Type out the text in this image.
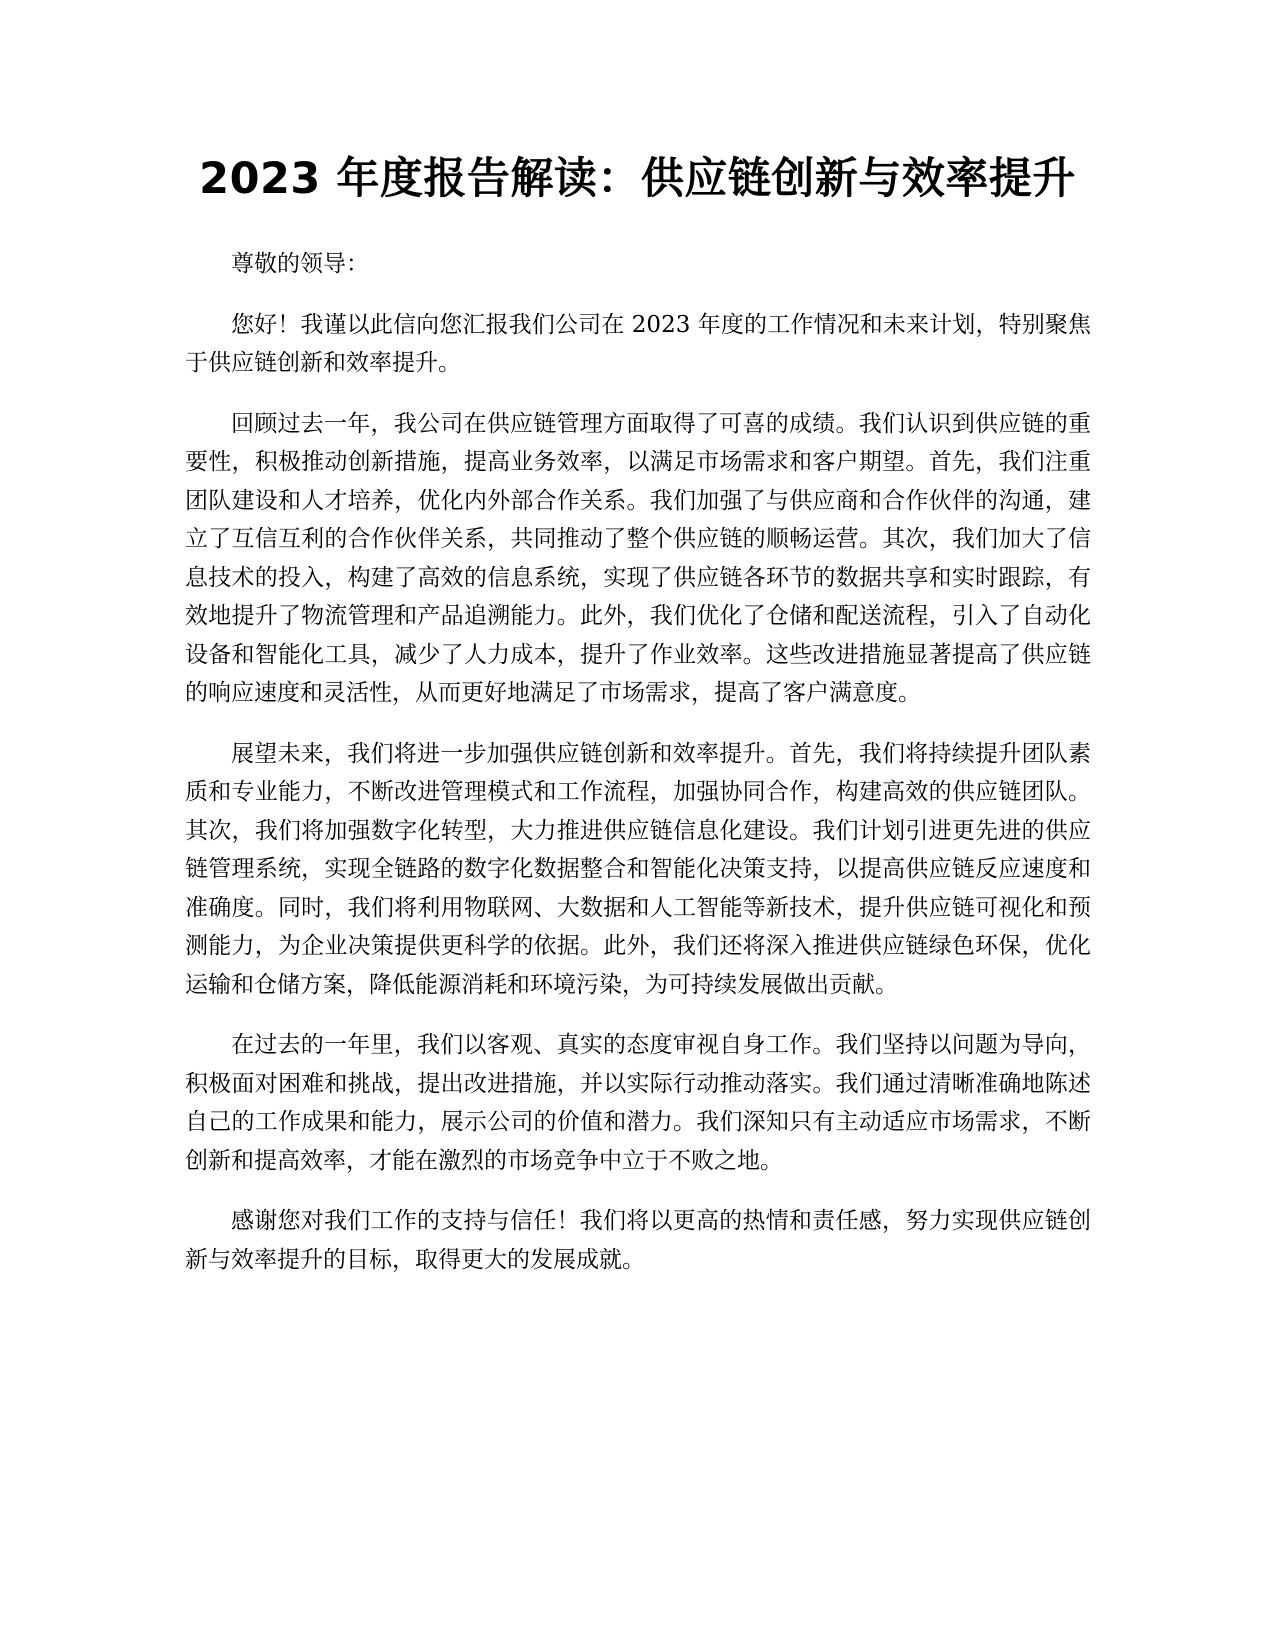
2023 年度报告解读：供应链创新与效率提升

尊敬的领导：

您好！我谨以此信向您汇报我们公司在 2023 年度的工作情况和未来计划，特别聚焦于供应链创新和效率提升。

回顾过去一年，我公司在供应链管理方面取得了可喜的成绩。我们认识到供应链的重要性，积极推动创新措施，提高业务效率，以满足市场需求和客户期望。首先，我们注重团队建设和人才培养，优化内外部合作关系。我们加强了与供应商和合作伙伴的沟通，建立了互信互利的合作伙伴关系，共同推动了整个供应链的顺畅运营。其次，我们加大了信息技术的投入，构建了高效的信息系统，实现了供应链各环节的数据共享和实时跟踪，有效地提升了物流管理和产品追溯能力。此外，我们优化了仓储和配送流程，引入了自动化设备和智能化工具，减少了人力成本，提升了作业效率。这些改进措施显著提高了供应链的响应速度和灵活性，从而更好地满足了市场需求，提高了客户满意度。

展望未来，我们将进一步加强供应链创新和效率提升。首先，我们将持续提升团队素质和专业能力，不断改进管理模式和工作流程，加强协同合作，构建高效的供应链团队。其次，我们将加强数字化转型，大力推进供应链信息化建设。我们计划引进更先进的供应链管理系统，实现全链路的数字化数据整合和智能化决策支持，以提高供应链反应速度和准确度。同时，我们将利用物联网、大数据和人工智能等新技术，提升供应链可视化和预测能力，为企业决策提供更科学的依据。此外，我们还将深入推进供应链绿色环保，优化运输和仓储方案，降低能源消耗和环境污染，为可持续发展做出贡献。

在过去的一年里，我们以客观、真实的态度审视自身工作。我们坚持以问题为导向，积极面对困难和挑战，提出改进措施，并以实际行动推动落实。我们通过清晰准确地陈述自己的工作成果和能力，展示公司的价值和潜力。我们深知只有主动适应市场需求，不断创新和提高效率，才能在激烈的市场竞争中立于不败之地。

感谢您对我们工作的支持与信任！我们将以更高的热情和责任感，努力实现供应链创新与效率提升的目标，取得更大的发展成就。
